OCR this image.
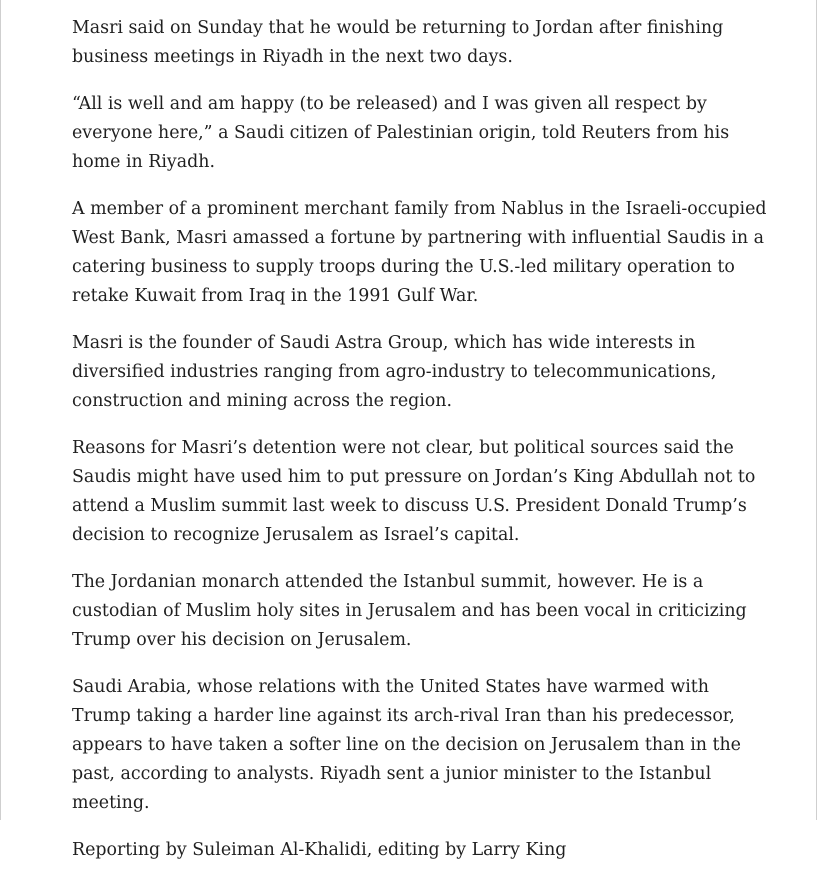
Masri said on Sunday that he would be returning to Jordan after finishing business meetings in Riyadh in the next two days.

“All is well and am happy (to be released) and I was given all respect by everyone here,” a Saudi citizen of Palestinian origin, told Reuters from his home in Riyadh.

A member of a prominent merchant family from Nablus in the Israeli-occupied West Bank, Masri amassed a fortune by partnering with influential Saudis in a catering business to supply troops during the U.S.-led military operation to retake Kuwait from Iraq in the 1991 Gulf War.

Masri is the founder of Saudi Astra Group, which has wide interests in diversified industries ranging from agro-industry to telecommunications, construction and mining across the region.

Reasons for Masri’s detention were not clear, but political sources said the Saudis might have used him to put pressure on Jordan’s King Abdullah not to attend a Muslim summit last week to discuss U.S. President Donald Trump’s decision to recognize Jerusalem as Israel’s capital.

The Jordanian monarch attended the Istanbul summit, however. He is a custodian of Muslim holy sites in Jerusalem and has been vocal in criticizing Trump over his decision on Jerusalem.

Saudi Arabia, whose relations with the United States have warmed with Trump taking a harder line against its arch-rival Iran than his predecessor, appears to have taken a softer line on the decision on Jerusalem than in the past, according to analysts. Riyadh sent a junior minister to the Istanbul meeting.

Reporting by Suleiman Al-Khalidi, editing by Larry King
